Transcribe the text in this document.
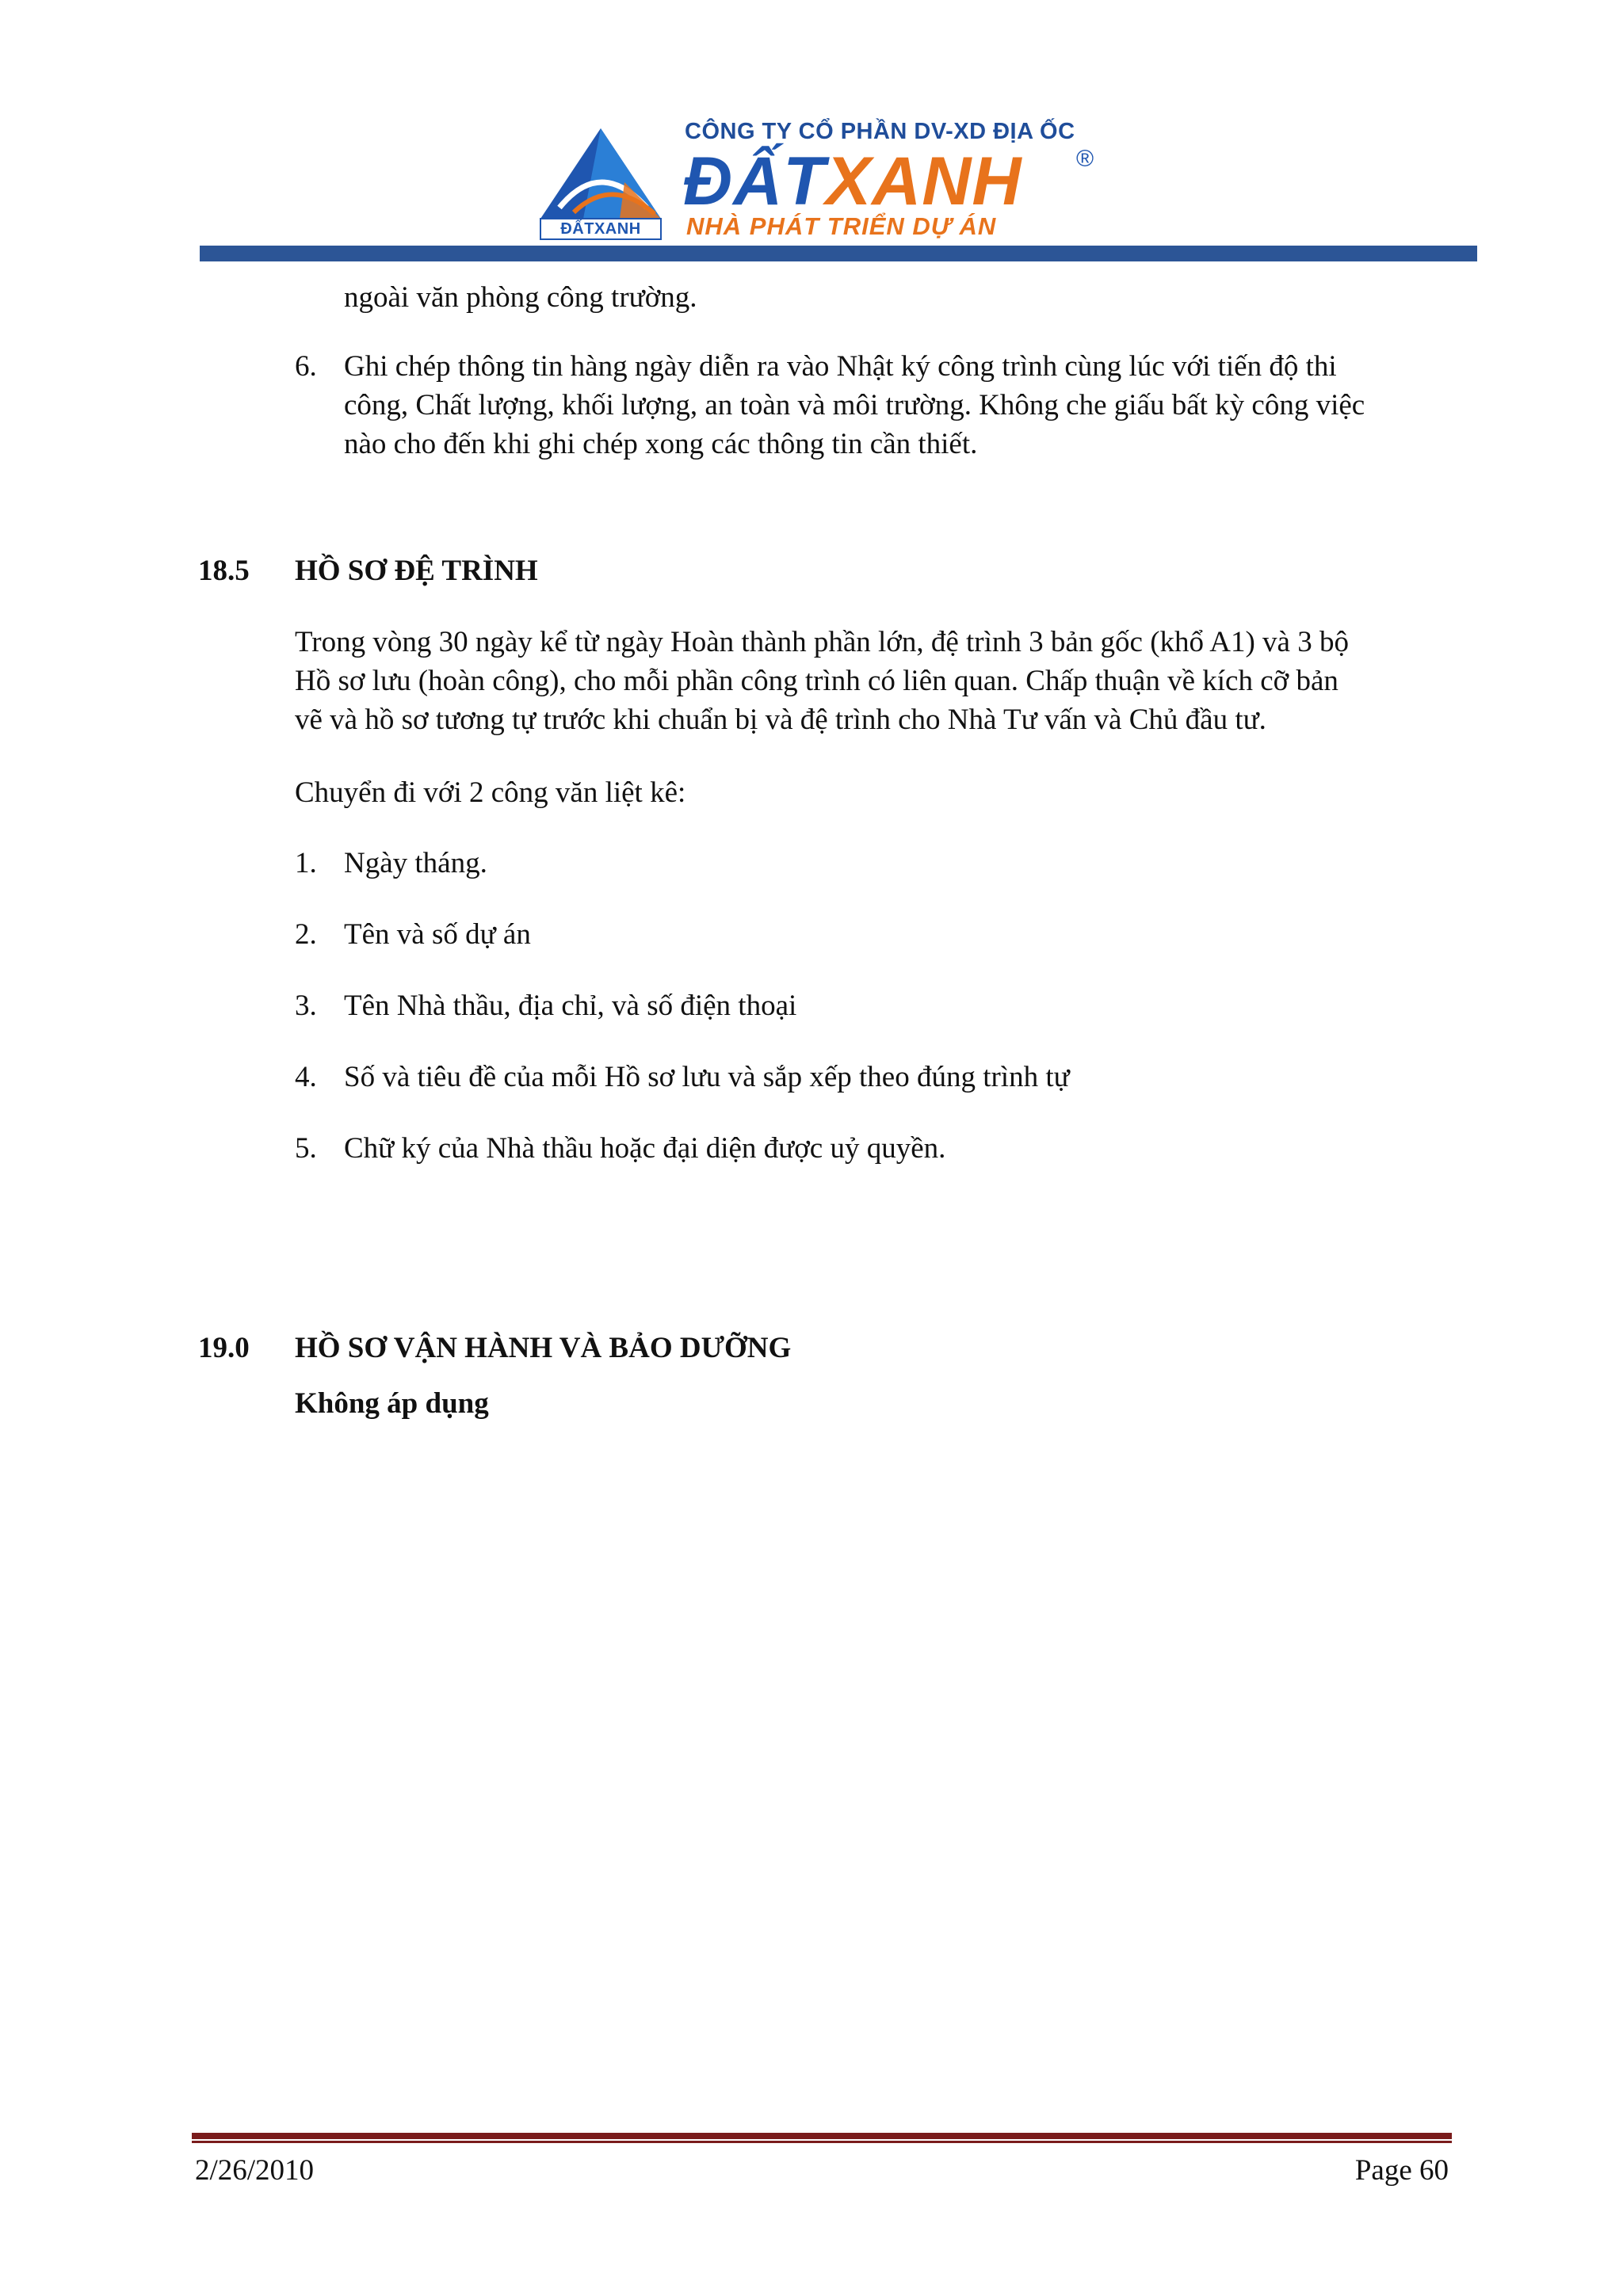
ĐẤTXANH
CÔNG TY CỔ PHẦN DV-XD ĐỊA ỐC
ĐẤTXANH ®
NHÀ PHÁT TRIỂN DỰ ÁN
ngoài văn phòng công trường.
6. Ghi chép thông tin hàng ngày diễn ra vào Nhật ký công trình cùng lúc với tiến độ thi
công, Chất lượng, khối lượng, an toàn và môi trường. Không che giấu bất kỳ công việc
nào cho đến khi ghi chép xong các thông tin cần thiết.
18.5 HỒ SƠ ĐỆ TRÌNH
Trong vòng 30 ngày kể từ ngày Hoàn thành phần lớn, đệ trình 3 bản gốc (khổ A1) và 3 bộ
Hồ sơ lưu (hoàn công), cho mỗi phần công trình có liên quan. Chấp thuận về kích cỡ bản
vẽ và hồ sơ tương tự trước khi chuẩn bị và đệ trình cho Nhà Tư vấn và Chủ đầu tư.
Chuyển đi với 2 công văn liệt kê:
1. Ngày tháng.
2. Tên và số dự án
3. Tên Nhà thầu, địa chỉ, và số điện thoại
4. Số và tiêu đề của mỗi Hồ sơ lưu và sắp xếp theo đúng trình tự
5. Chữ ký của Nhà thầu hoặc đại diện được uỷ quyền.
19.0 HỒ SƠ VẬN HÀNH VÀ BẢO DƯỠNG
Không áp dụng
2/26/2010	Page 60
